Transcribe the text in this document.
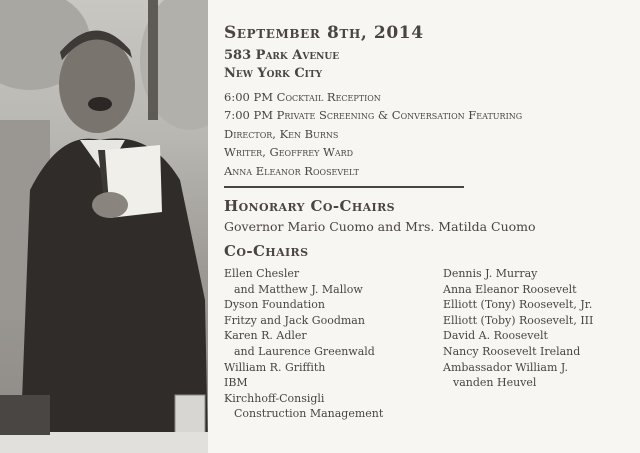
September 8th, 2014
583 Park Avenue
New York City
6:00 PM Cocktail Reception
7:00 PM Private Screening & Conversation Featuring
Director, Ken Burns
Writer, Geoffrey Ward
Anna Eleanor Roosevelt
Honorary Co-Chairs
Governor Mario Cuomo and Mrs. Matilda Cuomo
Co-Chairs
Ellen Chesler
and Matthew J. Mallow
Dyson Foundation
Fritzy and Jack Goodman
Karen R. Adler
and Laurence Greenwald
William R. Griffith
IBM
Kirchhoff-Consigli
Construction Management
Dennis J. Murray
Anna Eleanor Roosevelt
Elliott (Tony) Roosevelt, Jr.
Elliott (Toby) Roosevelt, III
David A. Roosevelt
Nancy Roosevelt Ireland
Ambassador William J.
vanden Heuvel
